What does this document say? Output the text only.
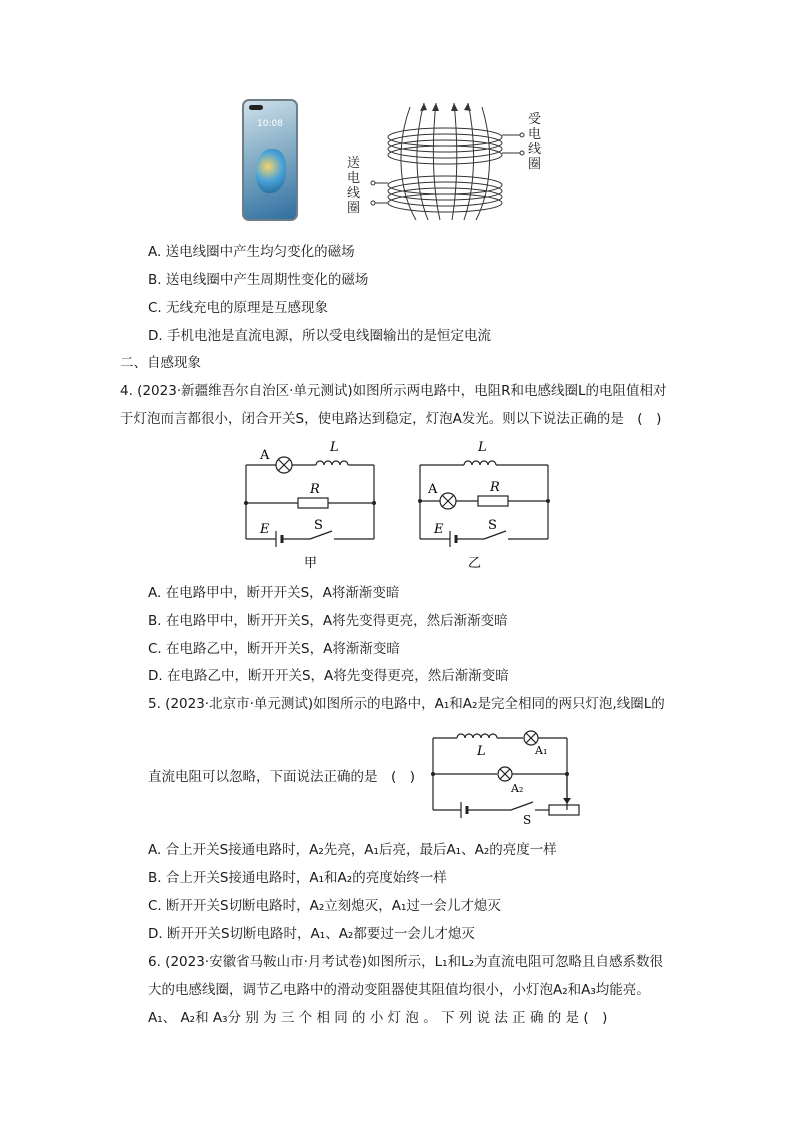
10:08	受
电
线
圈
送
电
线
圈
A. 送电线圈中产生均匀变化的磁场
B. 送电线圈中产生周期性变化的磁场
C. 无线充电的原理是互感现象
D. 手机电池是直流电源，所以受电线圈输出的是恒定电流
二、自感现象
4. (2023·新疆维吾尔自治区·单元测试)如图所示两电路中，电阻R和电感线圈L的电阻值相对
于灯泡而言都很小，闭合开关S，使电路达到稳定，灯泡A发光。则以下说法正确的是　(　)
A
L
R
E	S
甲
A
L
R
E	S
乙
A. 在电路甲中，断开开关S，A将渐渐变暗
B. 在电路甲中，断开开关S，A将先变得更亮，然后渐渐变暗
C. 在电路乙中，断开开关S，A将渐渐变暗
D. 在电路乙中，断开开关S，A将先变得更亮，然后渐渐变暗
5. (2023·北京市·单元测试)如图所示的电路中，A₁和A₂是完全相同的两只灯泡,线圈L的
直流电阻可以忽略，下面说法正确的是　(　)
L	A₁
A₂
S
A. 合上开关S接通电路时，A₂先亮，A₁后亮，最后A₁、A₂的亮度一样
B. 合上开关S接通电路时，A₁和A₂的亮度始终一样
C. 断开开关S切断电路时，A₂立刻熄灭，A₁过一会儿才熄灭
D. 断开开关S切断电路时，A₁、A₂都要过一会儿才熄灭
6. (2023·安徽省马鞍山市·月考试卷)如图所示，L₁和L₂为直流电阻可忽略且自感系数很
大的电感线圈，调节乙电路中的滑动变阻器使其阻值均很小，小灯泡A₂和A₃均能亮。
A₁、 A₂和 A₃分 别 为 三 个 相 同 的 小 灯 泡 。 下 列 说 法 正 确 的 是 (　)
